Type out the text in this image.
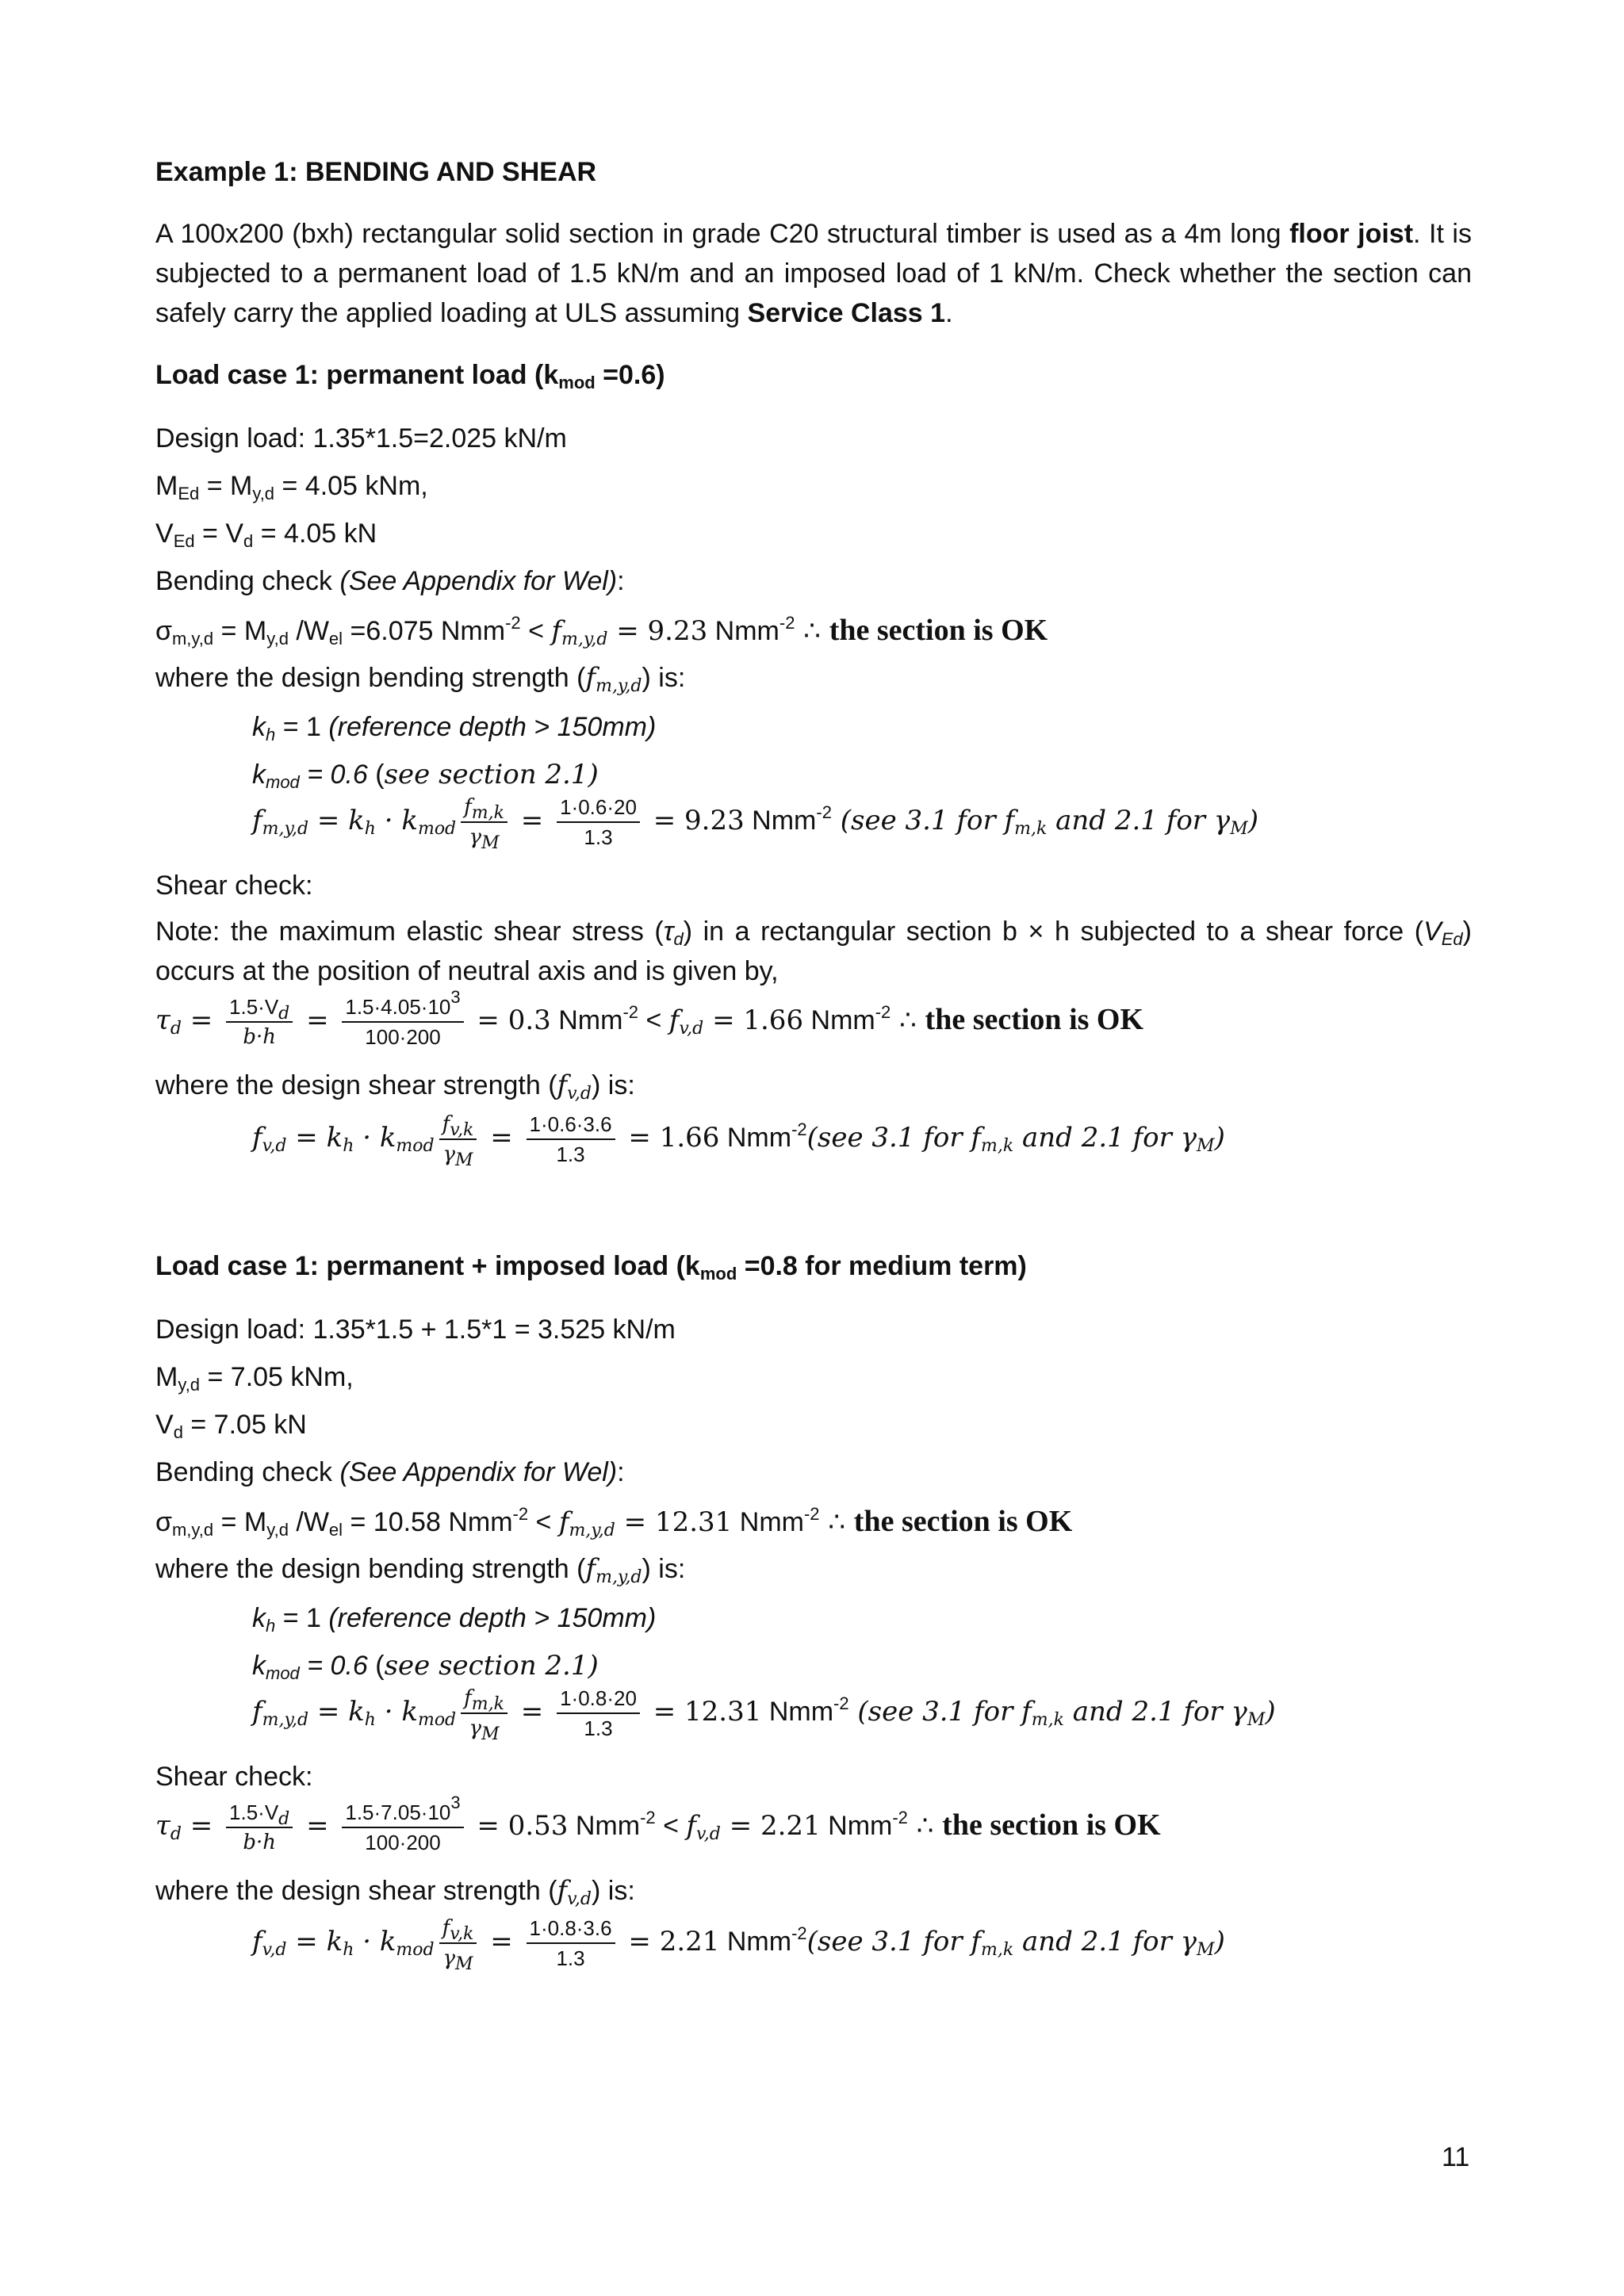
Example 1: BENDING AND SHEAR
A 100x200 (bxh) rectangular solid section in grade C20 structural timber is used as a 4m long floor joist. It is subjected to a permanent load of 1.5 kN/m and an imposed load of 1 kN/m. Check whether the section can safely carry the applied loading at ULS assuming Service Class 1.
Load case 1: permanent load $(k_{mod} =0.6)$
Design load: 1.35*1.5=2.025 kN/m
$M_{Ed} = M_{y,d} = 4.05$ kNm,
$V_{Ed} = V_d = 4.05$ kN
Bending check (See Appendix for Wel):
$\sigma_{m,y,d} = M_{y,d}$ $/W_{el} =6.075$ $Nmm^{-2} < f_{m,y,d} = 9.23$ Nmm$^{-2}$ ∴ the section is OK
where the design bending strength $(f_{m,y,d})$ is:
$k_h = 1$ (reference depth > 150mm)
$k_{mod} = 0.6$ (see section 2.1)
$f_{m,y,d} = k_h \cdot k_{mod} \frac{f_{m,k}}{\gamma_M} = \frac{1\cdot 0.6\cdot 20}{1.3} = 9.23$ Nmm$^{-2}$ (see 3.1 for $f_{m,k}$ and 2.1 for $\gamma_M$)
Shear check:
Note: the maximum elastic shear stress $(\tau_d)$ in a rectangular section b × h subjected to a shear force $(V_{Ed})$ occurs at the position of neutral axis and is given by,
$\tau_d = \frac{1.5\cdot V_d}{b\cdot h} = \frac{1.5\cdot 4.05\cdot 10^3}{100\cdot 200} = 0.3$ $Nmm^{-2} < f_{v,d} = 1.66$ Nmm$^{-2}$ ∴ the section is OK
where the design shear strength $(f_{v,d})$ is:
$f_{v,d} = k_h \cdot k_{mod} \frac{f_{v,k}}{\gamma_M} = \frac{1\cdot 0.6\cdot 3.6}{1.3} = 1.66$ Nmm$^{-2}$(see 3.1 for $f_{m,k}$ and 2.1 for $\gamma_M$)
Load case 1: permanent + imposed load ($k_{mod} =0.8$ for medium term)
Design load: 1.35*1.5 + 1.5*1 = 3.525 kN/m
$M_{y,d} = 7.05$ kNm,
$V_d = 7.05$ kN
Bending check (See Appendix for Wel):
$\sigma_{m,y,d} = M_{y,d}$ $/W_{el} = 10.58$ $Nmm^{-2} < f_{m,y,d} = 12.31$ Nmm$^{-2}$ ∴ the section is OK
where the design bending strength $(f_{m,y,d})$ is:
$k_h = 1$ (reference depth > 150mm)
$k_{mod} = 0.6$ (see section 2.1)
$f_{m,y,d} = k_h \cdot k_{mod} \frac{f_{m,k}}{\gamma_M} = \frac{1\cdot 0.8\cdot 20}{1.3} = 12.31$ Nmm$^{-2}$ (see 3.1 for $f_{m,k}$ and 2.1 for $\gamma_M$)
Shear check:
$\tau_d = \frac{1.5\cdot V_d}{b\cdot h} = \frac{1.5\cdot 7.05\cdot 10^3}{100\cdot 200} = 0.53$ $Nmm^{-2} < f_{v,d} = 2.21$ Nmm$^{-2}$ ∴ the section is OK
where the design shear strength $(f_{v,d})$ is:
$f_{v,d} = k_h \cdot k_{mod} \frac{f_{v,k}}{\gamma_M} = \frac{1\cdot 0.8\cdot 3.6}{1.3} = 2.21$ Nmm$^{-2}$(see 3.1 for $f_{m,k}$ and 2.1 for $\gamma_M$)
11
